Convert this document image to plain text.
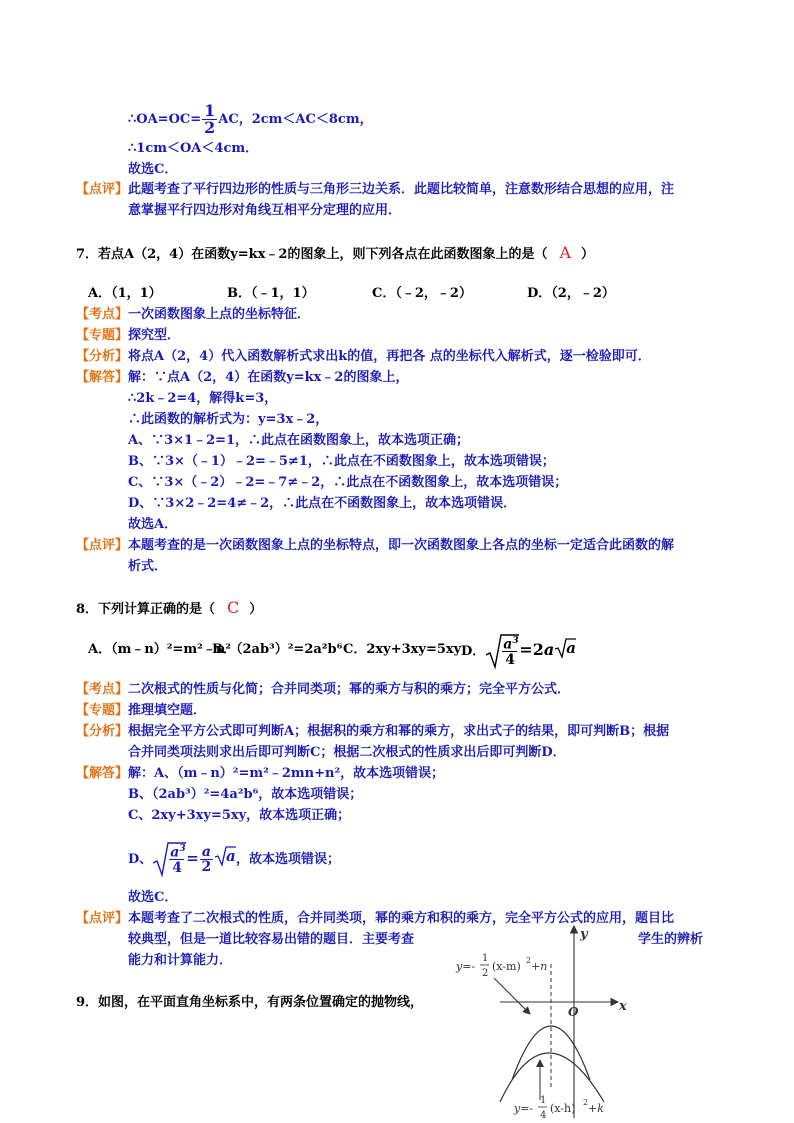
∴OA=OC= $\frac{1}{2}$ AC，2cm＜AC＜8cm，
∴1cm＜OA＜4cm．
故选C．
【点评】此题考查了平行四边形的性质与三角形三边关系．此题比较简单，注意数形结合思想的应用，注
意掌握平行四边形对角线互相平分定理的应用．
7．若点A（2，4）在函数y=kx﹣2的图象上，则下列各点在此函数图象上的是（ A ）
A．（1，1）	B．（﹣1，1）	C．（﹣2，﹣2）	D．（2，﹣2）
【考点】一次函数图象上点的坐标特征．
【专题】探究型．
【分析】将点A（2，4）代入函数解析式求出k的值，再把各 点的坐标代入解析式，逐一检验即可．
【解答】解：∵点A（2，4）在函数y=kx﹣2的图象上，
∴2k﹣2=4，解得k=3，
∴此函数的解析式为：y=3x﹣2，
A、∵3×1﹣2=1，∴此点在函数图象上，故本选项正确；
B、∵3×（﹣1）﹣2=﹣5≠1，∴此点在不函数图象上，故本选项错误；
C、∵3×（﹣2）﹣2=﹣7≠﹣2，∴此点在不函数图象上，故本选项错误；
D、∵3×2﹣2=4≠﹣2，∴此点在不函数图象上，故本选项错误．
故选A．
【点评】本题考查的是一次函数图象上点的坐标特点，即一次函数图象上各点的坐标一定适合此函数的解
析式．
8．下列计算正确的是（ C ）
A．（m﹣n）²=m²﹣n²
B．（2ab³）²=2a²b⁶ C．2xy+3xy=5xy D． $\frac{a^3}{4} =2a$ a
【考点】二次根式的性质与化简；合并同类项；幂的乘方与积的乘方；完全平方公式．
【专题】推理填空题．
【分析】根据完全平方公式即可判断A；根据积的乘方和幂的乘方，求出式子的结果，即可判断B；根据
合并同类项法则求出后即可判断C；根据二次根式的性质求出后即可判断D．
【解答】解：A、（m﹣n）²=m²﹣2mn+n²，故本选项错误；
B、（2ab³）²=4a²b⁶，故本选项错误；
C、2xy+3xy=5xy，故本选项正确；
D、 $\frac{a^3}{4} = \frac{a}{2}$ a ，故本选项错误；
故选C．
【点评】本题考查了二次根式的性质，合并同类项，幂的乘方和积的乘方，完全平方公式的应用，题目比
较典型，但是一道比较容易出错的题目．主要考查	学生的辨析
能力和计算能力．
9．如图，在平面直角坐标系中，有两条位置确定的抛物线，
y
x
O
y=-
1
2
(x-m) 2 +n
y=-
1
4
(x-h) 2 +k
